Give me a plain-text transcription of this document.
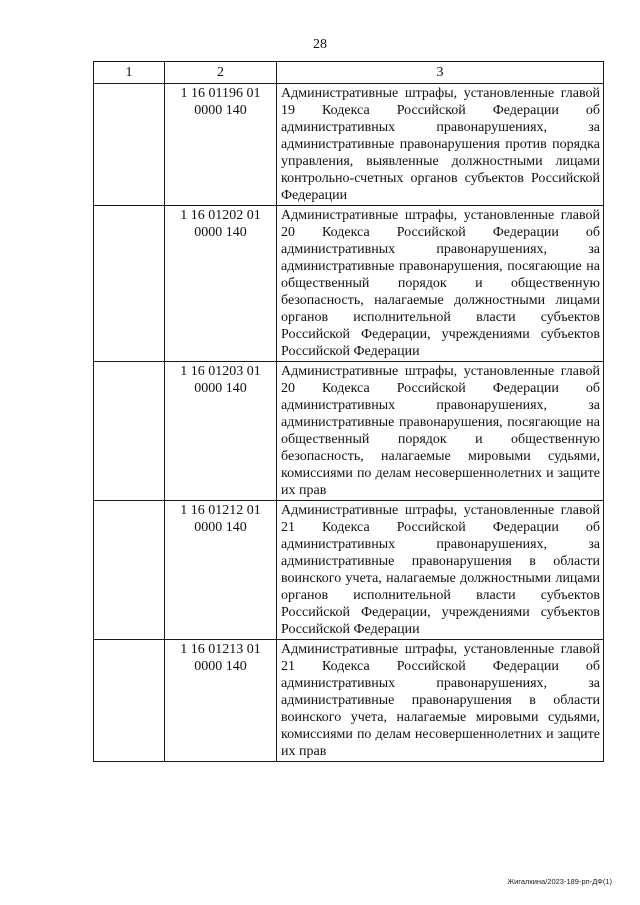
28
1	2	3

	1 16 01196 01
0000 140	Административные штрафы, установленные главой 19 Кодекса Российской Федерации об административных правонарушениях, за административные правонарушения против порядка управления, выявленные должностными лицами контрольно-счетных органов субъектов Российской Федерации

	1 16 01202 01
0000 140	Административные штрафы, установленные главой 20 Кодекса Российской Федерации об административных правонарушениях, за административные правонарушения, посягающие на общественный порядок и общественную безопасность, налагаемые должностными лицами органов исполнительной власти субъектов Российской Федерации, учреждениями субъектов Российской Федерации

	1 16 01203 01
0000 140	Административные штрафы, установленные главой 20 Кодекса Российской Федерации об административных правонарушениях, за административные правонарушения, посягающие на общественный порядок и общественную безопасность, налагаемые мировыми судьями, комиссиями по делам несовершеннолетних и защите их прав

	1 16 01212 01
0000 140	Административные штрафы, установленные главой 21 Кодекса Российской Федерации об административных правонарушениях, за административные правонарушения в области воинского учета, налагаемые должностными лицами органов исполнительной власти субъектов Российской Федерации, учреждениями субъектов Российской Федерации

	1 16 01213 01
0000 140	Административные штрафы, установленные главой 21 Кодекса Российской Федерации об административных правонарушениях, за административные правонарушения в области воинского учета, налагаемые мировыми судьями, комиссиями по делам несовершеннолетних и защите их прав

Жигалкина/2023-189-рп-ДФ(1)
